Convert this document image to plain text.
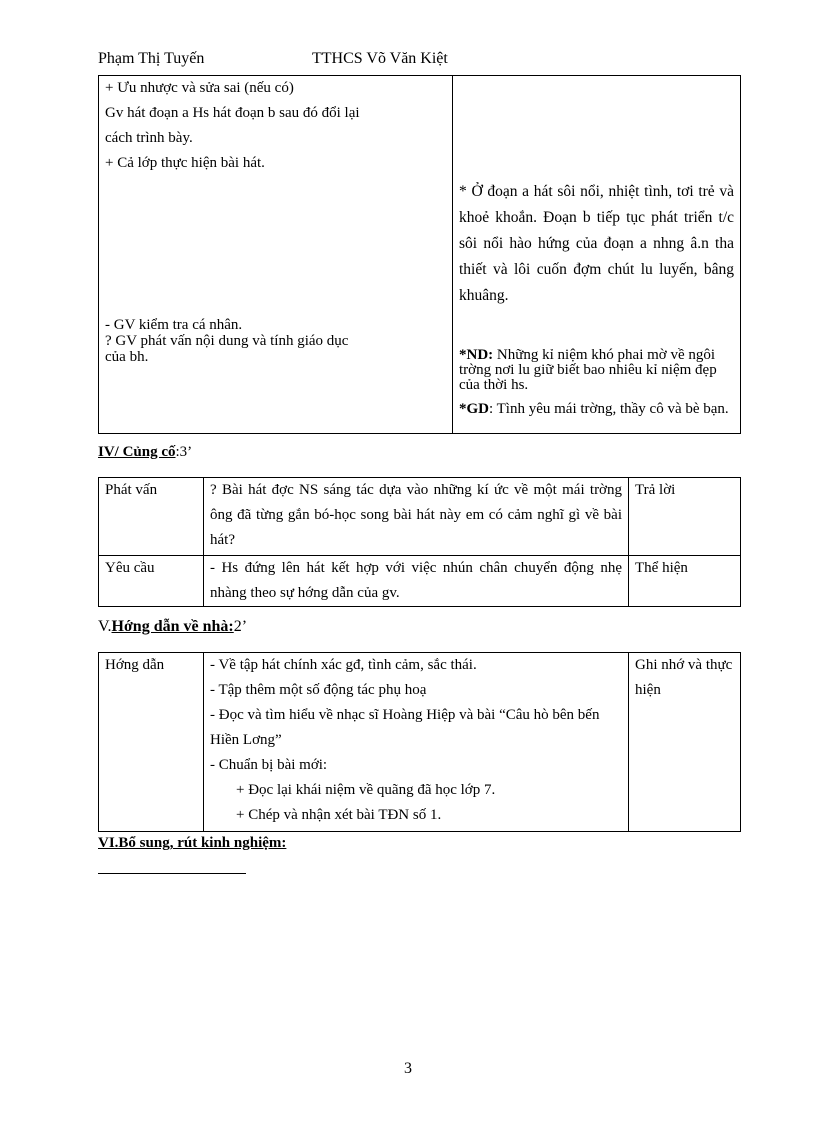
Phạm Thị Tuyến	TTHCS Võ Văn Kiệt
+ Ưu nhược và sửa sai (nếu có)
Gv hát đoạn a Hs hát đoạn b sau đó đổi lại
cách trình bày.
+ Cả lớp thực hiện bài hát.
- GV kiểm tra cá nhân.
? GV phát vấn nội dung và tính giáo dục
của bh.

* Ở đoạn a hát sôi nổi, nhiệt tình, tơi trẻ và khoẻ khoắn. Đoạn b tiếp tục phát triển t/c sôi nổi hào hứng của đoạn a nhng â.n tha thiết và lôi cuốn đợm chút lu luyến, bâng khuâng.
*ND: Những kỉ niệm khó phai mờ về ngôi trờng nơi lu giữ biết bao nhiêu kỉ niệm đẹp của thời hs.
*GD: Tình yêu mái trờng, thầy cô và bè bạn.
IV/ Củng cố:3’
Phát vấn	? Bài hát đợc NS sáng tác dựa vào những kí ức về một mái trờng ông đã từng gắn bó-học song bài hát này em có cảm nghĩ gì về bài hát?	Trả lời
Yêu cầu	- Hs đứng lên hát kết hợp với việc nhún chân chuyển động nhẹ nhàng theo sự hớng dẫn của gv.	Thể hiện
V.Hớng dẫn về nhà:2’
Hớng dẫn	- Về tập hát chính xác gđ, tình cảm, sắc thái.
- Tập thêm một số động tác phụ hoạ
- Đọc và tìm hiểu về nhạc sĩ Hoàng Hiệp và bài “Câu hò bên bến Hiền Lơng”
- Chuẩn bị bài mới:
+ Đọc lại khái niệm về quãng đã học lớp 7.
+ Chép và nhận xét bài TĐN số 1.
	Ghi nhớ và thực hiện
VI.Bổ sung, rút kinh nghiệm:
3
